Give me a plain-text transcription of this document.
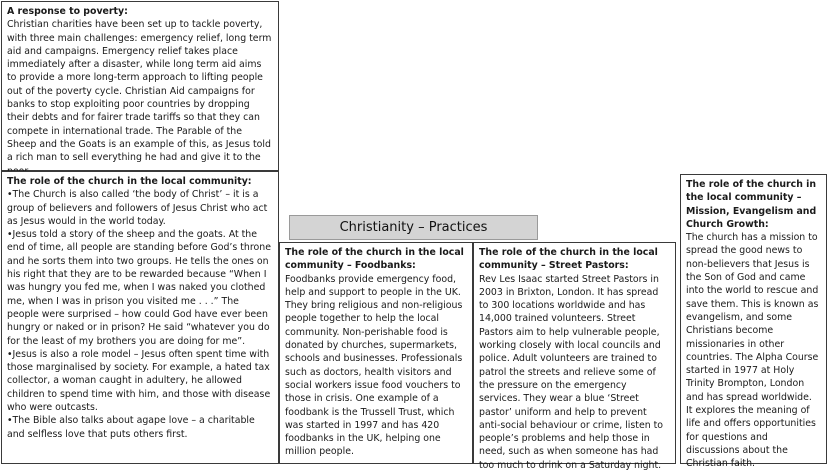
A response to poverty:

Christian charities have been set up to tackle poverty, with three main challenges: emergency relief, long term aid and campaigns. Emergency relief takes place immediately after a disaster, while long term aid aims to provide a more long-term approach to lifting people out of the poverty cycle. Christian Aid campaigns for banks to stop exploiting poor countries by dropping their debts and for fairer trade tariffs so that they can compete in international trade. The Parable of the Sheep and the Goats is an example of this, as Jesus told a rich man to sell everything he had and give it to the

The role of the church in the local community:

•The Church is also called ‘the body of Christ’ – it is a group of believers and followers of Jesus Christ who act as Jesus would in the world today.

•Jesus told a story of the sheep and the goats. At the end of time, all people are standing before God’s throne and he sorts them into two groups. He tells the ones on his right that they are to be rewarded because “When I was hungry you fed me, when I was naked you clothed me, when I was in prison you visited me . . .” The people were surprised – how could God have ever been hungry or naked or in prison? He said “whatever you do for the least of my brothers you are doing for me”.

•Jesus is also a role model – Jesus often spent time with those marginalised by society. For example, a hated tax collector, a woman caught in adultery, he allowed children to spend time with him, and those with disease who were outcasts.

•The Bible also talks about agape love – a charitable and selfless love that puts others first.

Christianity – Practices
The role of the church in the local community – Foodbanks:

Foodbanks provide emergency food, help and support to people in the UK. They bring religious and non-religious people together to help the local community. Non-perishable food is donated by churches, supermarkets, schools and businesses. Professionals such as doctors, health visitors and social workers issue food vouchers to those in crisis. One example of a foodbank is the Trussell Trust, which was started in 1997 and has 420 foodbanks in the UK, helping one million people.

The role of the church in the local community – Street Pastors:

Rev Les Isaac started Street Pastors in 2003 in Brixton, London. It has spread to 300 locations worldwide and has 14,000 trained volunteers. Street Pastors aim to help vulnerable people, working closely with local councils and police. Adult volunteers are trained to patrol the streets and relieve some of the pressure on the emergency services. They wear a blue ‘Street pastor’ uniform and help to prevent anti-social behaviour or crime, listen to people’s problems and help those in need, such as when someone has had too much to drink on a Saturday night.

The role of the church in the local community – Mission, Evangelism and Church Growth:

The church has a mission to spread the good news to non-believers that Jesus is the Son of God and came into the world to rescue and save them. This is known as evangelism, and some Christians become missionaries in other countries. The Alpha Course started in 1977 at Holy Trinity Brompton, London and has spread worldwide. It explores the meaning of life and offers opportunities for questions and discussions about the Christian faith.
